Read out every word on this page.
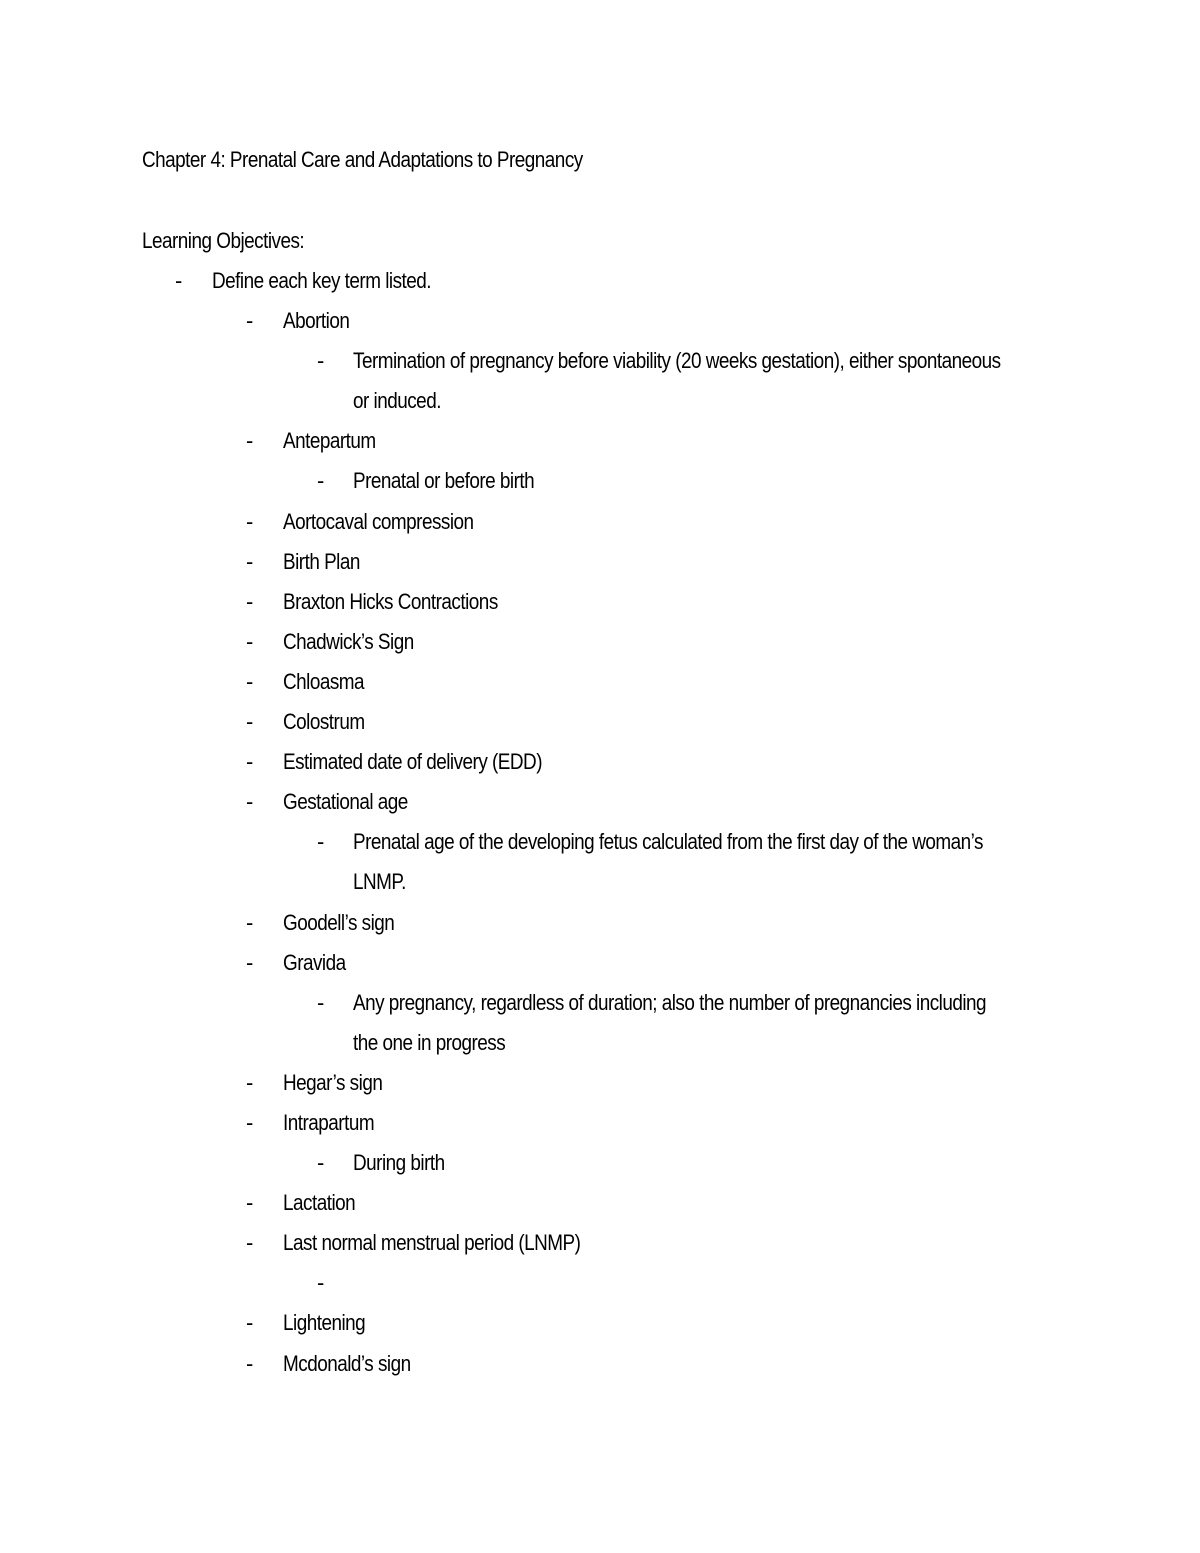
Chapter 4: Prenatal Care and Adaptations to Pregnancy
Learning Objectives:
- Define each key term listed.
- Abortion
- Termination of pregnancy before viability (20 weeks gestation), either spontaneous
or induced.
- Antepartum
- Prenatal or before birth
- Aortocaval compression
- Birth Plan
- Braxton Hicks Contractions
- Chadwick’s Sign
- Chloasma
- Colostrum
- Estimated date of delivery (EDD)
- Gestational age
- Prenatal age of the developing fetus calculated from the first day of the woman’s
LNMP.
- Goodell’s sign
- Gravida
- Any pregnancy, regardless of duration; also the number of pregnancies including
the one in progress
- Hegar’s sign
- Intrapartum
- During birth
- Lactation
- Last normal menstrual period (LNMP)
-
- Lightening
- Mcdonald’s sign
